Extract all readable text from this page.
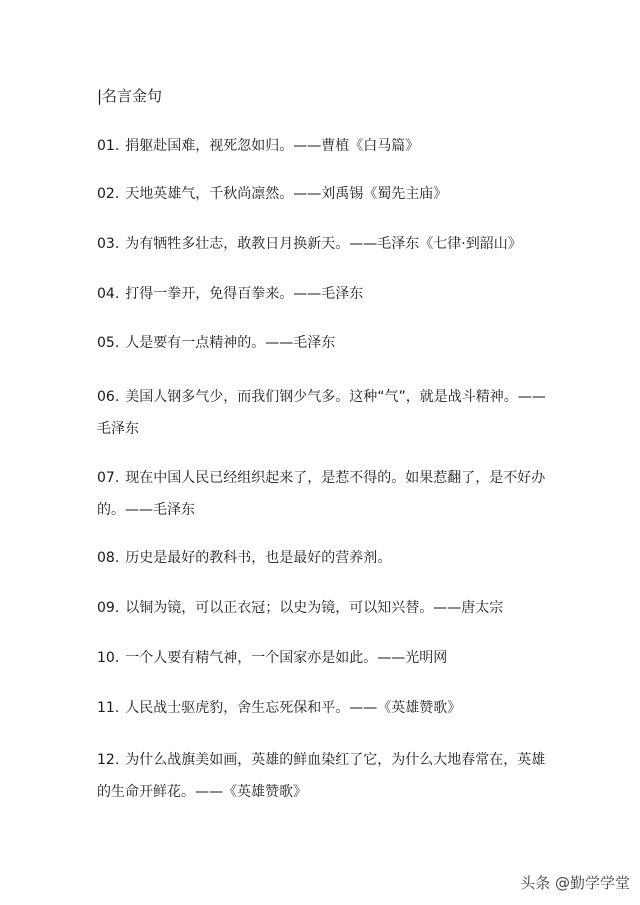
|名言金句
01. 捐躯赴国难，视死忽如归。——曹植《白马篇》
02. 天地英雄气，千秋尚凛然。——刘禹锡《蜀先主庙》
03. 为有牺牲多壮志，敢教日月换新天。——毛泽东《七律·到韶山》
04. 打得一拳开，免得百拳来。——毛泽东
05. 人是要有一点精神的。——毛泽东
06. 美国人钢多气少，而我们钢少气多。这种“气”，就是战斗精神。——毛泽东
07. 现在中国人民已经组织起来了，是惹不得的。如果惹翻了，是不好办的。——毛泽东
08. 历史是最好的教科书，也是最好的营养剂。
09. 以铜为镜，可以正衣冠；以史为镜，可以知兴替。——唐太宗
10. 一个人要有精气神，一个国家亦是如此。——光明网
11. 人民战士驱虎豹，舍生忘死保和平。——《英雄赞歌》
12. 为什么战旗美如画，英雄的鲜血染红了它，为什么大地春常在，英雄的生命开鲜花。——《英雄赞歌》
头条 @勤学学堂
